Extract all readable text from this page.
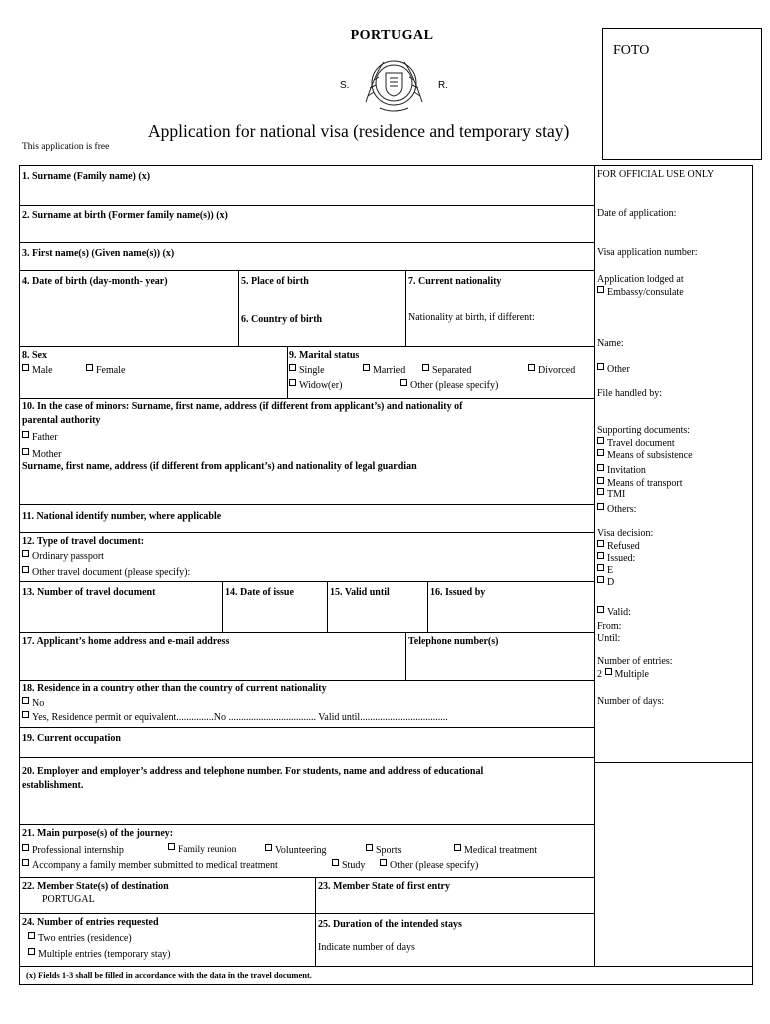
PORTUGAL
FOTO
S.	R.
Application for national visa (residence and temporary stay)
This application is free
1. Surname (Family name) (x)
2. Surname at birth (Former family name(s)) (x)
3. First name(s) (Given name(s)) (x)
4. Date of birth (day-month- year)	5. Place of birth
6. Country of birth
7. Current nationality
Nationality at birth, if different:
8. Sex
Male	Female
9. Marital status
Single	Married	Separated	Divorced
Widow(er)	Other (please specify)
10. In the case of minors: Surname, first name, address (if different from applicant’s) and nationality of
parental authority
Father
Mother
Surname, first name, address (if different from applicant’s) and nationality of legal guardian
11. National identify number, where applicable
12. Type of travel document:
Ordinary passport
Other travel document (please specify):
13. Number of travel document	14. Date of issue	15. Valid until	16. Issued by
17. Applicant’s home address and e-mail address	Telephone number(s)
18. Residence in a country other than the country of current nationality
No
Yes, Residence permit or equivalent...............No ................................... Valid until...................................
19. Current occupation
20. Employer and employer’s address and telephone number. For students, name and address of educational
establishment.
21. Main purpose(s) of the journey:
Professional internship	Family reunion	Volunteering	Sports	Medical treatment
Accompany a family member submitted to medical treatment	Study	Other (please specify)
22. Member State(s) of destination
PORTUGAL
23. Member State of first entry
24. Number of entries requested
Two entries (residence)
Multiple entries (temporary stay)
25. Duration of the intended stays
Indicate number of days
(x) Fields 1-3 shall be filled in accordance with the data in the travel document.
FOR OFFICIAL USE ONLY
Date of application:
Visa application number:
Application lodged at
Embassy/consulate
Name:
Other
File handled by:
Supporting documents:
Travel document
Means of subsistence
Invitation
Means of transport
TMI
Others:
Visa decision:
Refused
Issued:
E
D
Valid:
From:
Until:
Number of entries:
2 Multiple
Number of days:
